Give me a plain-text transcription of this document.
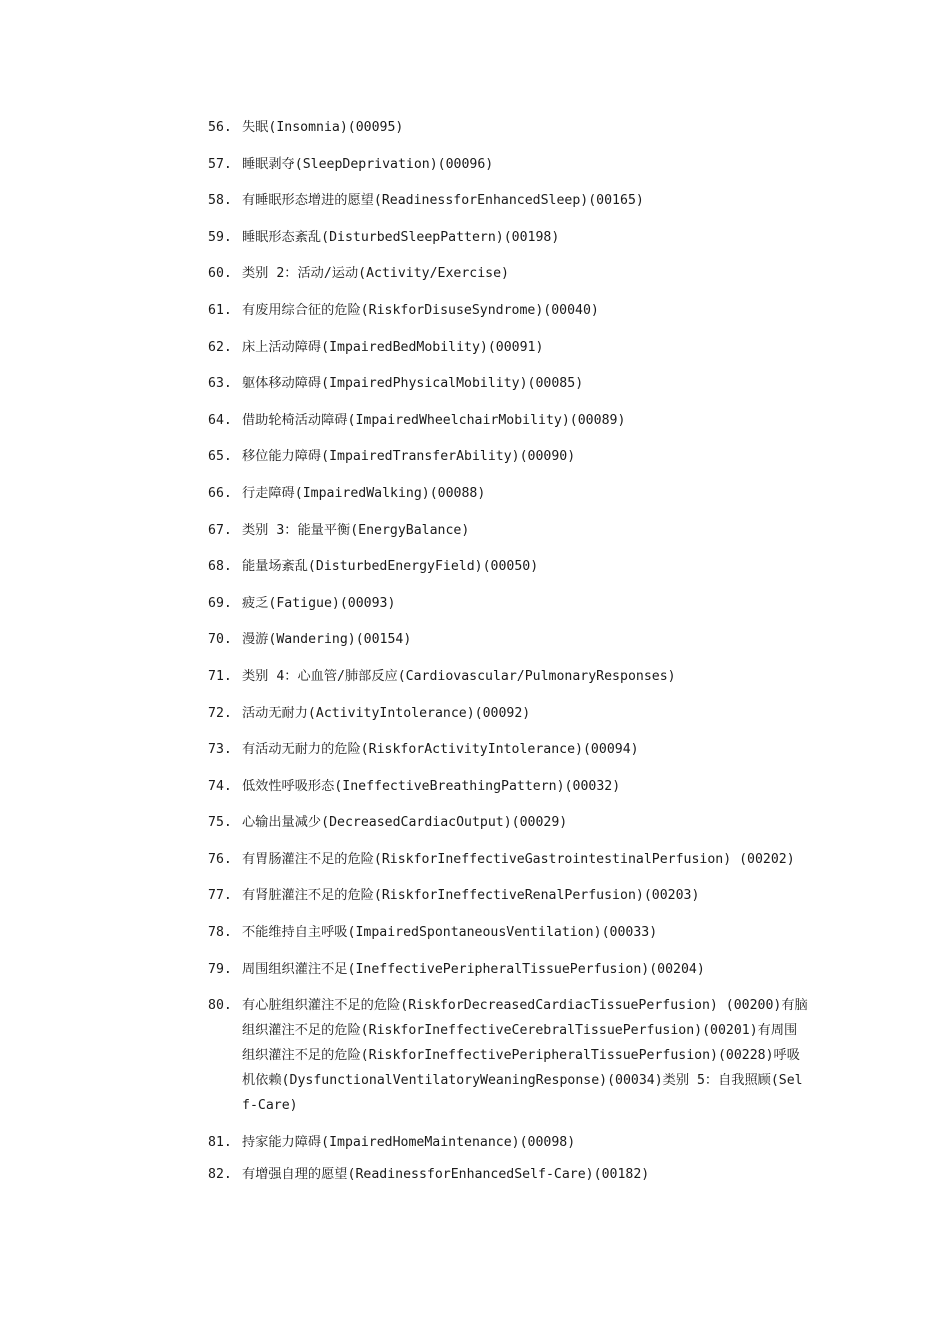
56. 失眠(Insomnia)(00095)
57. 睡眠剥夺(SleepDeprivation)(00096)
58. 有睡眠形态增进的愿望(ReadinessforEnhancedSleep)(00165)
59. 睡眠形态紊乱(DisturbedSleepPattern)(00198)
60. 类别 2：活动/运动(Activity/Exercise)
61. 有废用综合征的危险(RiskforDisuseSyndrome)(00040)
62. 床上活动障碍(ImpairedBedMobility)(00091)
63. 躯体移动障碍(ImpairedPhysicalMobility)(00085)
64. 借助轮椅活动障碍(ImpairedWheelchairMobility)(00089)
65. 移位能力障碍(ImpairedTransferAbility)(00090)
66. 行走障碍(ImpairedWalking)(00088)
67. 类别 3：能量平衡(EnergyBalance)
68. 能量场紊乱(DisturbedEnergyField)(00050)
69. 疲乏(Fatigue)(00093)
70. 漫游(Wandering)(00154)
71. 类别 4：心血管/肺部反应(Cardiovascular/PulmonaryResponses)
72. 活动无耐力(ActivityIntolerance)(00092)
73. 有活动无耐力的危险(RiskforActivityIntolerance)(00094)
74. 低效性呼吸形态(IneffectiveBreathingPattern)(00032)
75. 心输出量减少(DecreasedCardiacOutput)(00029)
76. 有胃肠灌注不足的危险(RiskforIneffectiveGastrointestinalPerfusion) (00202)
77. 有肾脏灌注不足的危险(RiskforIneffectiveRenalPerfusion)(00203)
78. 不能维持自主呼吸(ImpairedSpontaneousVentilation)(00033)
79. 周围组织灌注不足(IneffectivePeripheralTissuePerfusion)(00204)
80. 有心脏组织灌注不足的危险(RiskforDecreasedCardiacTissuePerfusion) (00200)有脑组织灌注不足的危险(RiskforIneffectiveCerebralTissuePerfusion)(00201)有周围组织灌注不足的危险(RiskforIneffectivePeripheralTissuePerfusion)(00228)呼吸机依赖(DysfunctionalVentilatoryWeaningResponse)(00034)类别 5：自我照顾(Self-Care)
81. 持家能力障碍(ImpairedHomeMaintenance)(00098)
82. 有增强自理的愿望(ReadinessforEnhancedSelf-Care)(00182)
